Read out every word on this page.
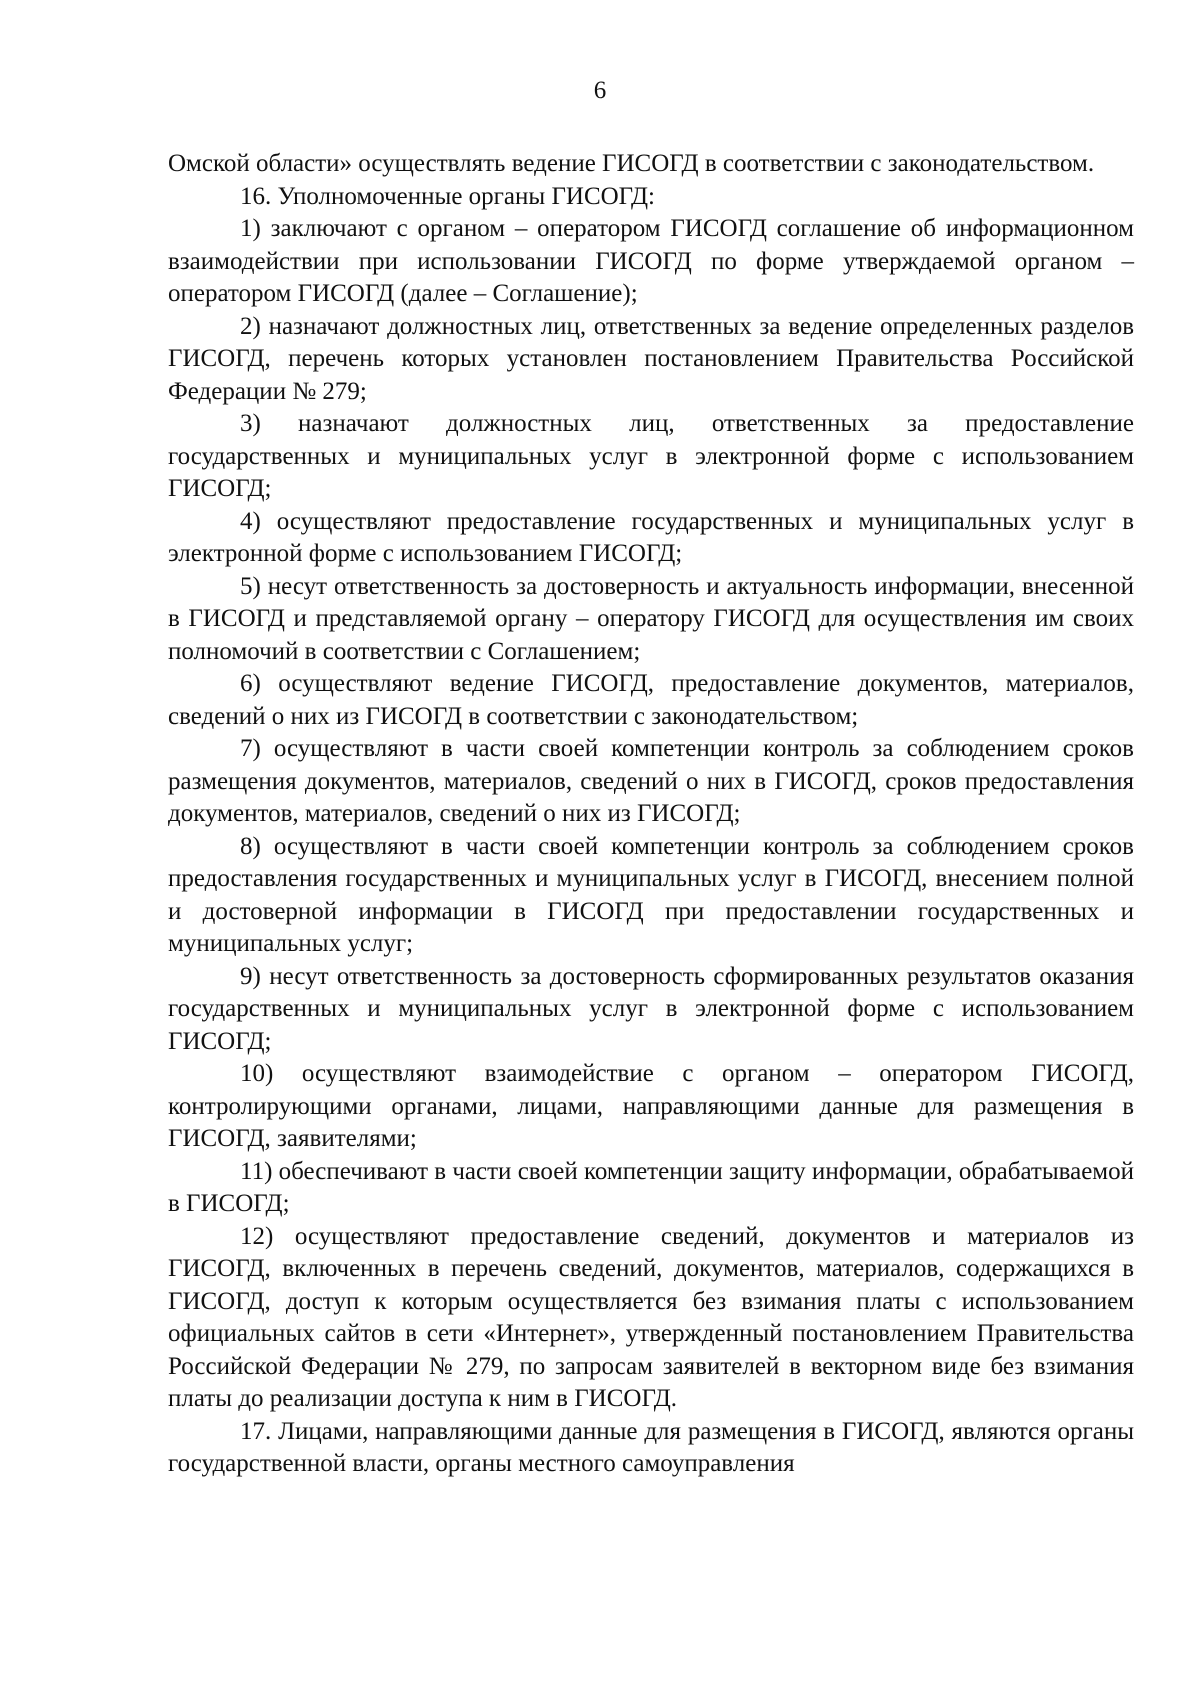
6

Омской области» осуществлять ведение ГИСОГД в соответствии с законодательством.

16. Уполномоченные органы ГИСОГД:

1) заключают с органом – оператором ГИСОГД соглашение об информационном взаимодействии при использовании ГИСОГД по форме утверждаемой органом – оператором ГИСОГД (далее – Соглашение);

2) назначают должностных лиц, ответственных за ведение определенных разделов ГИСОГД, перечень которых установлен постановлением Правительства Российской Федерации № 279;

3) назначают должностных лиц, ответственных за предоставление государственных и муниципальных услуг в электронной форме с использованием ГИСОГД;

4) осуществляют предоставление государственных и муниципальных услуг в электронной форме с использованием ГИСОГД;

5) несут ответственность за достоверность и актуальность информации, внесенной в ГИСОГД и представляемой органу – оператору ГИСОГД для осуществления им своих полномочий в соответствии с Соглашением;

6) осуществляют ведение ГИСОГД, предоставление документов, материалов, сведений о них из ГИСОГД в соответствии с законодательством;

7) осуществляют в части своей компетенции контроль за соблюдением сроков размещения документов, материалов, сведений о них в ГИСОГД, сроков предоставления документов, материалов, сведений о них из ГИСОГД;

8) осуществляют в части своей компетенции контроль за соблюдением сроков предоставления государственных и муниципальных услуг в ГИСОГД, внесением полной и достоверной информации в ГИСОГД при предоставлении государственных и муниципальных услуг;

9) несут ответственность за достоверность сформированных результатов оказания государственных и муниципальных услуг в электронной форме с использованием ГИСОГД;

10) осуществляют взаимодействие с органом – оператором ГИСОГД, контролирующими органами, лицами, направляющими данные для размещения в ГИСОГД, заявителями;

11) обеспечивают в части своей компетенции защиту информации, обрабатываемой в ГИСОГД;

12) осуществляют предоставление сведений, документов и материалов из ГИСОГД, включенных в перечень сведений, документов, материалов, содержащихся в ГИСОГД, доступ к которым осуществляется без взимания платы с использованием официальных сайтов в сети «Интернет», утвержденный постановлением Правительства Российской Федерации № 279, по запросам заявителей в векторном виде без взимания платы до реализации доступа к ним в ГИСОГД.

17. Лицами, направляющими данные для размещения в ГИСОГД, являются органы государственной власти, органы местного самоуправления
